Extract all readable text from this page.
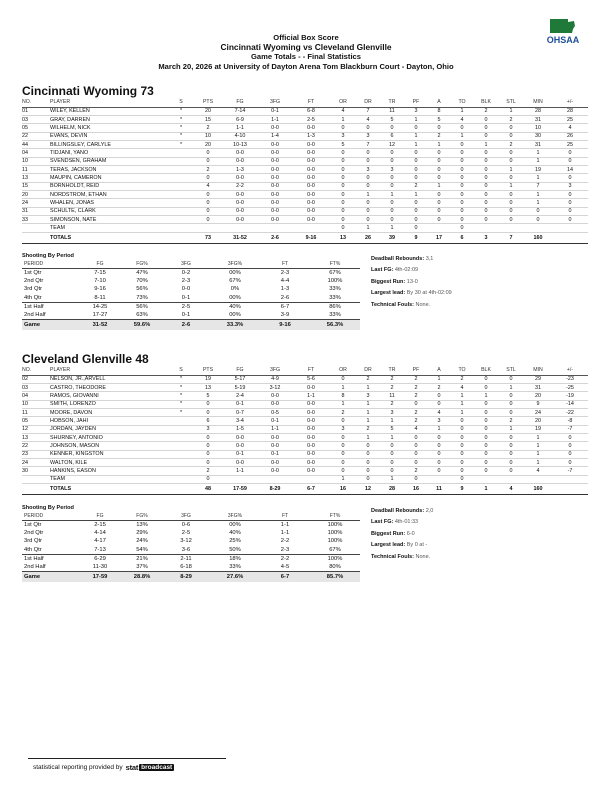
OHSAA
Official Box Score
Cincinnati Wyoming vs Cleveland Glenville
Game Totals - - Final Statistics
March 20, 2026 at University of Dayton Arena Tom Blackburn Court - Dayton, Ohio
Cincinnati Wyoming 73
NO.	PLAYER	S	PTS	FG	3FG	FT	OR	DR	TR	PF	A	TO	BLK	STL	MIN	+/-
01	WILEY, KELLEN	*	20	7-14	0-1	6-8	4	7	11	3	8	1	2	1	28	28
03	GRAY, DARREN	*	15	6-9	1-1	2-5	1	4	5	1	5	4	0	2	31	25
05	WILHELM, NICK	*	2	1-1	0-0	0-0	0	0	0	0	0	0	0	0	10	4
22	EVANS, DEVIN	*	10	4-10	1-4	1-3	3	3	6	1	2	1	0	0	30	26
44	BILLINGSLEY, CARLYLE	*	20	10-13	0-0	0-0	5	7	12	1	1	0	1	2	31	25
04	TIDJANI, YANO		0	0-0	0-0	0-0	0	0	0	0	0	0	0	0	1	0
10	SVENDSEN, GRAHAM		0	0-0	0-0	0-0	0	0	0	0	0	0	0	0	1	0
11	TERAS, JACKSON		2	1-3	0-0	0-0	0	3	3	0	0	0	0	1	19	14
13	MAUPIN, CAMERON		0	0-0	0-0	0-0	0	0	0	0	0	0	0	0	1	0
15	BORNHOLDT, REID		4	2-2	0-0	0-0	0	0	0	2	1	0	0	1	7	3
20	NORDSTROM, ETHAN		0	0-0	0-0	0-0	0	1	1	1	0	0	0	0	1	0
24	WHALEN, JONAS		0	0-0	0-0	0-0	0	0	0	0	0	0	0	0	1	0
31	SCHULTE, CLARK		0	0-0	0-0	0-0	0	0	0	0	0	0	0	0	0	0
33	SIMONSON, NATE		0	0-0	0-0	0-0	0	0	0	0	0	0	0	0	0	0
	TEAM						0	1	1	0		0				
	TOTALS		73	31-52	2-6	9-16	13	26	39	9	17	6	3	7	160	
Shooting By Period
PERIOD	FG	FG%	3FG	3FG%	FT	FT%
1st Qtr	7-15	47%	0-2	00%	2-3	67%
2nd Qtr	7-10	70%	2-3	67%	4-4	100%
3rd Qtr	9-16	56%	0-0	0%	1-3	33%
4th Qtr	8-11	73%	0-1	00%	2-6	33%
1st Half	14-25	56%	2-5	40%	6-7	86%
2nd Half	17-27	63%	0-1	00%	3-9	33%
Game	31-52	59.6%	2-6	33.3%	9-16	56.3%
Deadball Rebounds: 3,1
Last FG: 4th-02:09
Biggest Run: 13-0
Largest lead: By 30 at 4th-02:09
Technical Fouls: None.
Cleveland Glenville 48
NO.	PLAYER	S	PTS	FG	3FG	FT	OR	DR	TR	PF	A	TO	BLK	STL	MIN	+/-
02	NELSON, JR.,ARVELL	*	19	5-17	4-9	5-6	0	2	2	2	1	2	0	0	29	-23
03	CASTRO, THEODORE	*	13	5-19	3-12	0-0	1	1	2	2	2	4	0	1	31	-25
04	RAMOS, GIOVANNI	*	5	2-4	0-0	1-1	8	3	11	2	0	1	1	0	20	-19
10	SMITH, LORENZO	*	0	0-1	0-0	0-0	1	1	2	0	0	1	0	0	9	-14
11	MOORE, DAVON	*	0	0-7	0-5	0-0	2	1	3	2	4	1	0	0	24	-22
05	HOBSON, JAHI		6	3-4	0-1	0-0	0	1	1	2	3	0	0	2	20	-8
12	JORDAN, JAYDEN		3	1-5	1-1	0-0	3	2	5	4	1	0	0	1	19	-7
13	SHURNEY, ANTONIO		0	0-0	0-0	0-0	0	1	1	0	0	0	0	0	1	0
22	JOHNSON, MASON		0	0-0	0-0	0-0	0	0	0	0	0	0	0	0	1	0
23	KENNER, KINGSTON		0	0-1	0-1	0-0	0	0	0	0	0	0	0	0	1	0
24	WALTON, KILE		0	0-0	0-0	0-0	0	0	0	0	0	0	0	0	1	0
30	HANKINS, EASON		2	1-1	0-0	0-0	0	0	0	2	0	0	0	0	4	-7
	TEAM		0				1	0	1	0		0				
	TOTALS		48	17-59	8-29	6-7	16	12	28	16	11	9	1	4	160	
Shooting By Period
PERIOD	FG	FG%	3FG	3FG%	FT	FT%
1st Qtr	2-15	13%	0-6	00%	1-1	100%
2nd Qtr	4-14	29%	2-5	40%	1-1	100%
3rd Qtr	4-17	24%	3-12	25%	2-2	100%
4th Qtr	7-13	54%	3-6	50%	2-3	67%
1st Half	6-29	21%	2-11	18%	2-2	100%
2nd Half	11-30	37%	6-18	33%	4-5	80%
Game	17-59	28.8%	8-29	27.6%	6-7	85.7%
Deadball Rebounds: 2,0
Last FG: 4th-01:33
Biggest Run: 6-0
Largest lead: By 0 at -
Technical Fouls: None.
statistical reporting provided by stat broadcast
